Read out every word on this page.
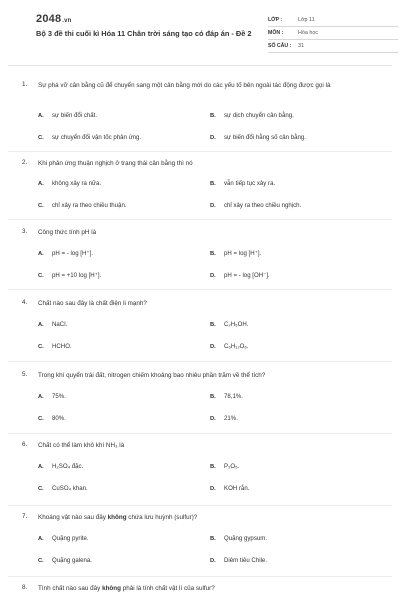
2048.vn
Bộ 3 đề thi cuối kì Hóa 11 Chân trời sáng tạo có đáp án - Đề 2
LỚP :	Lớp 11
MÔN :	Hóa học
SỐ CÂU :	31
1.	Sự phá vỡ cân bằng cũ để chuyển sang một cân bằng mới do các yếu tố bên ngoài tác động được gọi là
A. sự biến đổi chất.	B. sự dịch chuyển cân bằng.
C. sự chuyển đổi vận tốc phản ứng.	D. sự biến đổi hằng số cân bằng.
2.	Khi phản ứng thuận nghịch ở trạng thái cân bằng thì nó
A. không xảy ra nữa.	B. vẫn tiếp tục xảy ra.
C. chỉ xảy ra theo chiều thuận.	D. chỉ xảy ra theo chiều nghịch.
3.	Công thức tính pH là
A. pH = - log [H⁺].	B. pH = log [H⁺].
C. pH = +10 log [H⁺].	D. pH = - log [OH⁻].
4.	Chất nào sau đây là chất điện li mạnh?
A. NaCl.	B. C₂H₅OH.
C. HCHO.	D. C₆H₁₂O₆.
5.	Trong khí quyển trái đất, nitrogen chiếm khoảng bao nhiêu phần trăm về thể tích?
A. 75%.	B. 78,1%.
C. 80%.	D. 21%.
6.	Chất có thể làm khô khí NH₃ là
A. H₂SO₄ đặc.	B. P₂O₅.
C. CuSO₄ khan.	D. KOH rắn.
7.	Khoáng vật nào sau đây không chứa lưu huỳnh (sulfur)?
A. Quặng pyrite.	B. Quặng gypsum.
C. Quặng galena.	D. Diêm tiêu Chile.
8.	Tính chất nào sau đây không phải là tính chất vật lí của sulfur?
